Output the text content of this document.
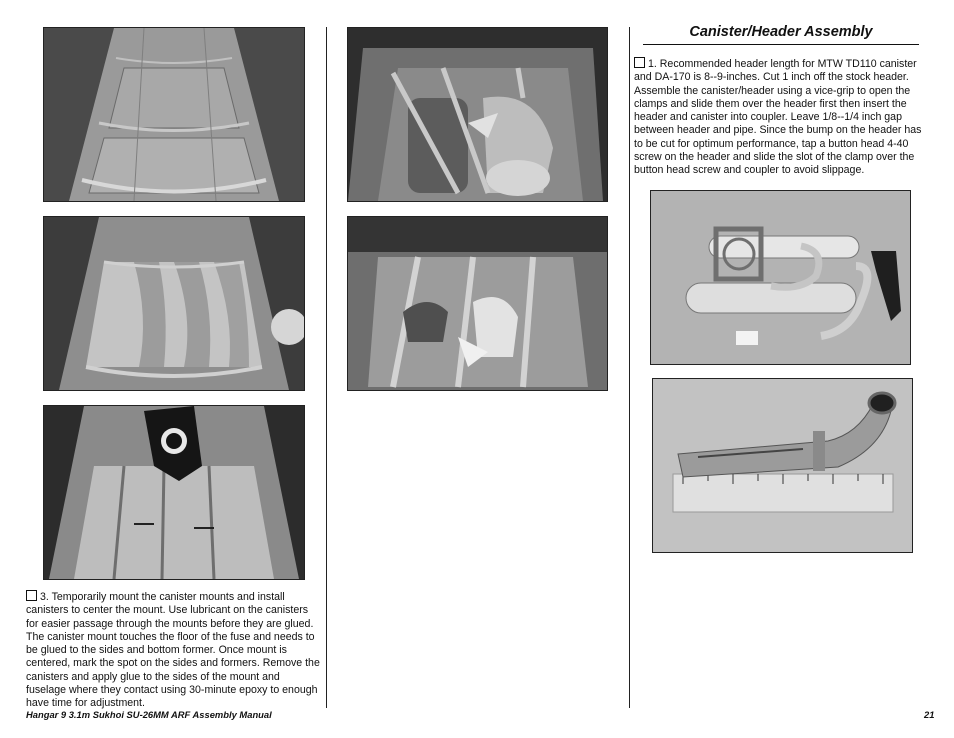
3. Temporarily mount the canister mounts and install canisters to center the mount. Use lubricant on the canisters for easier passage through the mounts before they are glued. The canister mount touches the floor of the fuse and needs to be glued to the sides and bottom former. Once mount is centered, mark the spot on the sides and formers. Remove the canisters and apply glue to the sides of the mount and fuselage where they contact using 30-minute epoxy to enough have time for adjustment.
Canister/Header Assembly
1. Recommended header length for MTW TD110 canister and DA-170 is 8--9-inches. Cut 1 inch off the stock header. Assemble the canister/header using a vice-grip to open the clamps and slide them over the header first then insert the header and canister into coupler. Leave 1/8--1/4 inch gap between header and pipe. Since the bump on the header has to be cut for optimum performance, tap a button head 4-40 screw on the header and slide the slot of the clamp over the button head screw and coupler to avoid slippage.
Hangar 9 3.1m Sukhoi SU-26MM ARF Assembly Manual	21
